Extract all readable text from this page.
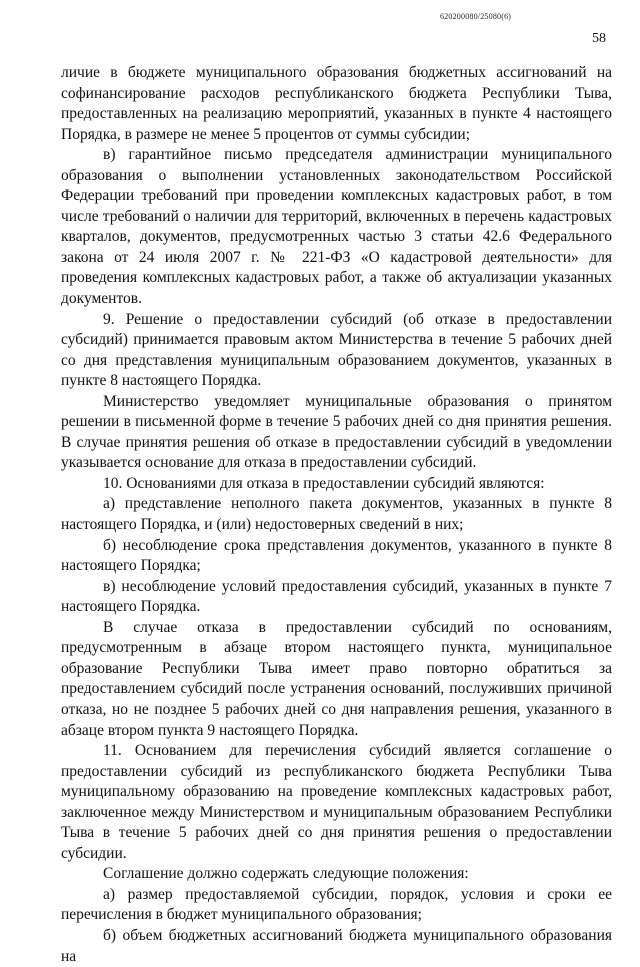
620200080/25080(6)
58

личие в бюджете муниципального образования бюджетных ассигнований на софинансирование расходов республиканского бюджета Республики Тыва, предоставленных на реализацию мероприятий, указанных в пункте 4 настоящего Порядка, в размере не менее 5 процентов от суммы субсидии;

в) гарантийное письмо председателя администрации муниципального образования о выполнении установленных законодательством Российской Федерации требований при проведении комплексных кадастровых работ, в том числе требований о наличии для территорий, включенных в перечень кадастровых кварталов, документов, предусмотренных частью 3 статьи 42.6 Федерального закона от 24 июля 2007 г. № 221-ФЗ «О кадастровой деятельности» для проведения комплексных кадастровых работ, а также об актуализации указанных документов.

9. Решение о предоставлении субсидий (об отказе в предоставлении субсидий) принимается правовым актом Министерства в течение 5 рабочих дней со дня представления муниципальным образованием документов, указанных в пункте 8 настоящего Порядка.

Министерство уведомляет муниципальные образования о принятом решении в письменной форме в течение 5 рабочих дней со дня принятия решения. В случае принятия решения об отказе в предоставлении субсидий в уведомлении указывается основание для отказа в предоставлении субсидий.

10. Основаниями для отказа в предоставлении субсидий являются:

а) представление неполного пакета документов, указанных в пункте 8 настоящего Порядка, и (или) недостоверных сведений в них;

б) несоблюдение срока представления документов, указанного в пункте 8 настоящего Порядка;

в) несоблюдение условий предоставления субсидий, указанных в пункте 7 настоящего Порядка.

В случае отказа в предоставлении субсидий по основаниям, предусмотренным в абзаце втором настоящего пункта, муниципальное образование Республики Тыва имеет право повторно обратиться за предоставлением субсидий после устранения оснований, послуживших причиной отказа, но не позднее 5 рабочих дней со дня направления решения, указанного в абзаце втором пункта 9 настоящего Порядка.

11. Основанием для перечисления субсидий является соглашение о предоставлении субсидий из республиканского бюджета Республики Тыва муниципальному образованию на проведение комплексных кадастровых работ, заключенное между Министерством и муниципальным образованием Республики Тыва в течение 5 рабочих дней со дня принятия решения о предоставлении субсидии.

Соглашение должно содержать следующие положения:

а) размер предоставляемой субсидии, порядок, условия и сроки ее перечисления в бюджет муниципального образования;

б) объем бюджетных ассигнований бюджета муниципального образования на
